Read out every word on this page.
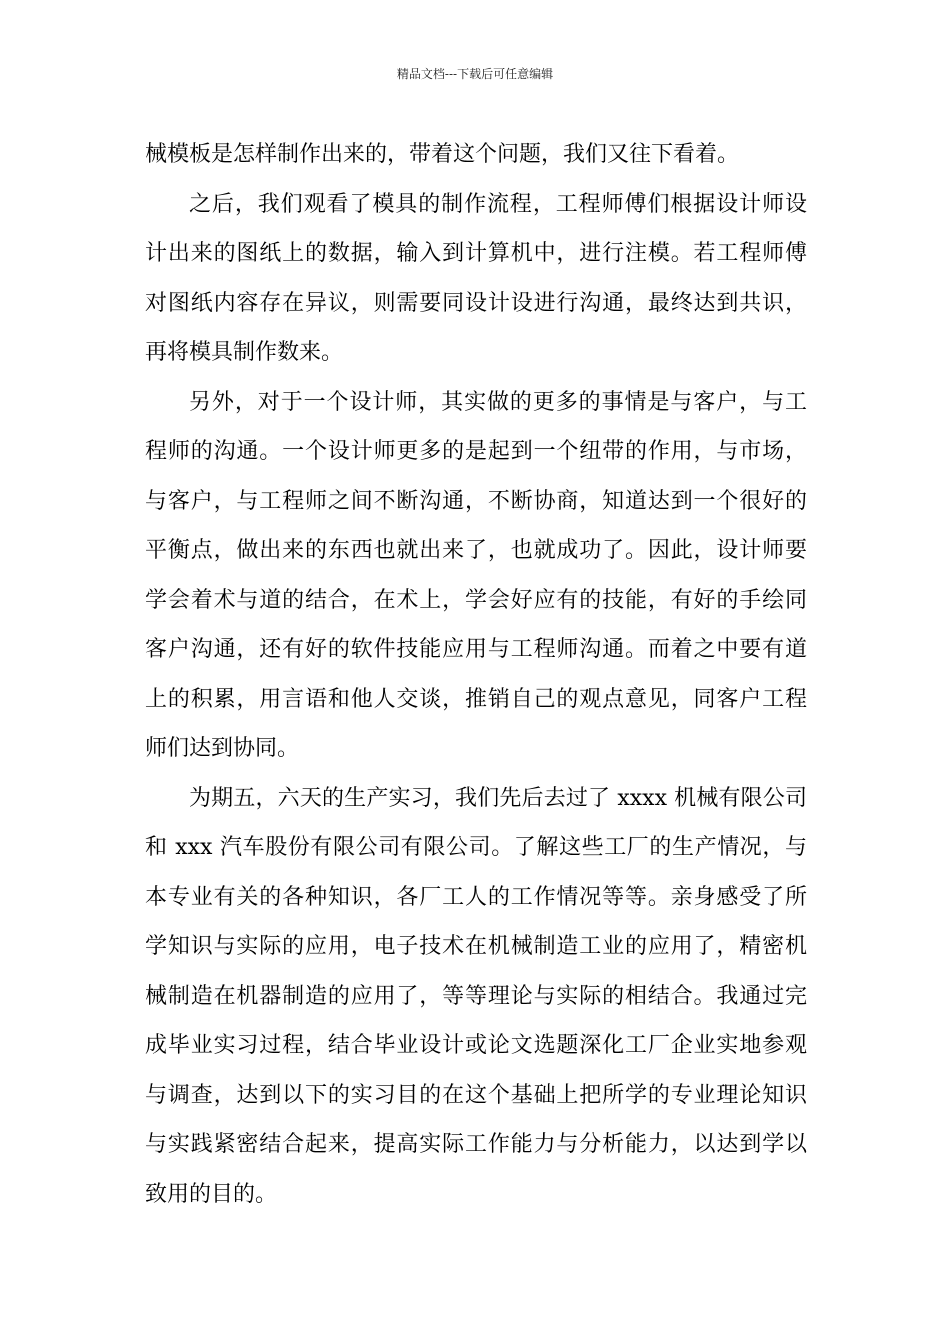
精品文档---下载后可任意编辑

械模板是怎样制作出来的，带着这个问题，我们又往下看着。

之后，我们观看了模具的制作流程，工程师傅们根据设计师设
计出来的图纸上的数据，输入到计算机中，进行注模。若工程师傅
对图纸内容存在异议，则需要同设计设进行沟通，最终达到共识，
再将模具制作数来。

另外，对于一个设计师，其实做的更多的事情是与客户，与工
程师的沟通。一个设计师更多的是起到一个纽带的作用，与市场，
与客户，与工程师之间不断沟通，不断协商，知道达到一个很好的
平衡点，做出来的东西也就出来了，也就成功了。因此，设计师要
学会着术与道的结合，在术上，学会好应有的技能，有好的手绘同
客户沟通，还有好的软件技能应用与工程师沟通。而着之中要有道
上的积累，用言语和他人交谈，推销自己的观点意见，同客户工程
师们达到协同。

为期五，六天的生产实习，我们先后去过了 xxxx 机械有限公司
和 xxx 汽车股份有限公司有限公司。了解这些工厂的生产情况，与
本专业有关的各种知识，各厂工人的工作情况等等。亲身感受了所
学知识与实际的应用，电子技术在机械制造工业的应用了，精密机
械制造在机器制造的应用了，等等理论与实际的相结合。我通过完
成毕业实习过程，结合毕业设计或论文选题深化工厂企业实地参观
与调查，达到以下的实习目的在这个基础上把所学的专业理论知识
与实践紧密结合起来，提高实际工作能力与分析能力，以达到学以
致用的目的。
